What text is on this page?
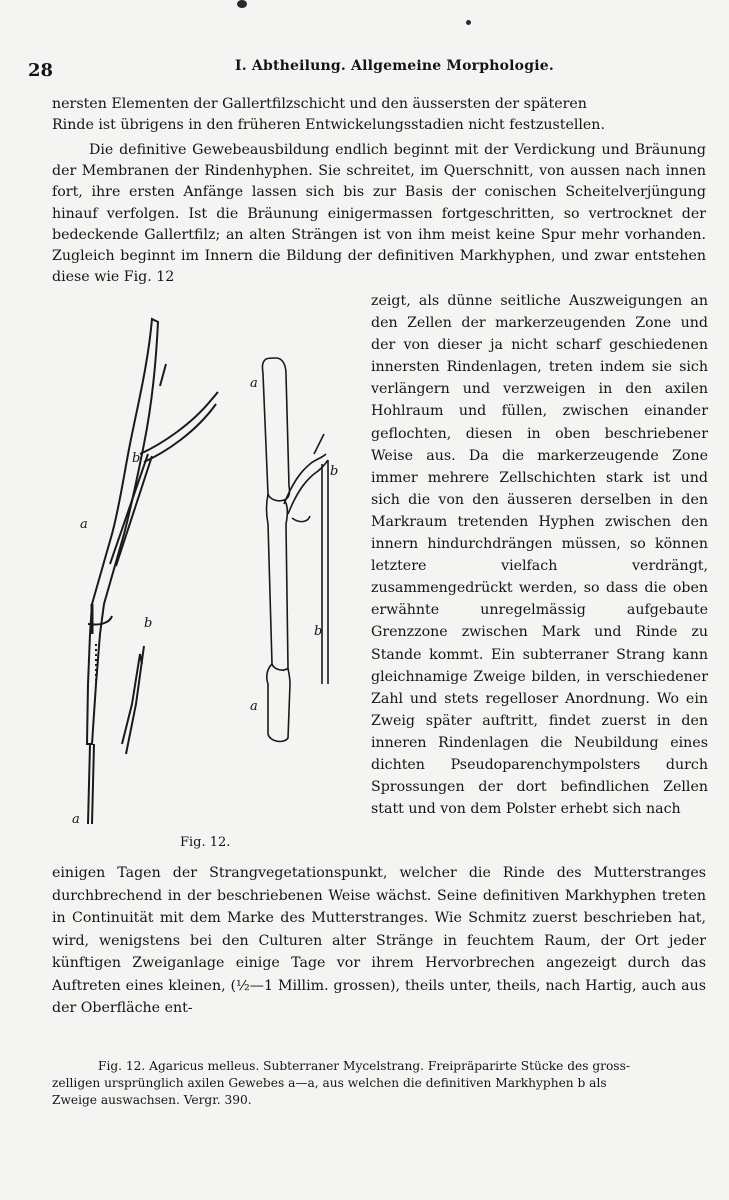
28	I. Abtheilung. Allgemeine Morphologie.

nersten Elementen der Gallertfilzschicht und den äussersten der späteren

Rinde ist übrigens in den früheren Entwickelungsstadien nicht festzustellen.

Die definitive Gewebeausbildung endlich beginnt mit der Verdickung und Bräunung der Membranen der Rindenhyphen. Sie schreitet, im Querschnitt, von aussen nach innen fort, ihre ersten Anfänge lassen sich bis zur Basis der conischen Scheitelverjüngung hinauf verfolgen. Ist die Bräunung einigermassen fortgeschritten, so vertrocknet der bedeckende Gallertfilz; an alten Strängen ist von ihm meist keine Spur mehr vorhanden. Zugleich beginnt im Innern die Bildung der definitiven Markhyphen, und zwar entstehen diese wie Fig. 12

a
b
b
a
b
a
b
a
Fig. 12.

zeigt, als dünne seitliche Auszweigungen an den Zellen der markerzeugenden Zone und der von dieser ja nicht scharf geschiedenen innersten Rindenlagen, treten indem sie sich verlängern und verzweigen in den axilen Hohlraum und füllen, zwischen einander geflochten, diesen in oben beschriebener Weise aus. Da die markerzeugende Zone immer mehrere Zellschichten stark ist und sich die von den äusseren derselben in den Markraum tretenden Hyphen zwischen den innern hindurchdrängen müssen, so können letztere vielfach verdrängt, zusammengedrückt werden, so dass die oben erwähnte unregelmässig aufgebaute Grenzzone zwischen Mark und Rinde zu Stande kommt. Ein subterraner Strang kann gleichnamige Zweige bilden, in verschiedener Zahl und stets regelloser Anordnung. Wo ein Zweig später auftritt, findet zuerst in den inneren Rindenlagen die Neubildung eines dichten Pseudoparenchympolsters durch Sprossungen der dort befindlichen Zellen statt und von dem Polster erhebt sich nach

einigen Tagen der Strangvegetationspunkt, welcher die Rinde des Mutterstranges durchbrechend in der beschriebenen Weise wächst. Seine definitiven Markhyphen treten in Continuität mit dem Marke des Mutterstranges. Wie Schmitz zuerst beschrieben hat, wird, wenigstens bei den Culturen alter Stränge in feuchtem Raum, der Ort jeder künftigen Zweiganlage einige Tage vor ihrem Hervorbrechen angezeigt durch das Auftreten eines kleinen, (½—1 Millim. grossen), theils unter, theils, nach Hartig, auch aus der Oberfläche ent-

Fig. 12. Agaricus melleus. Subterraner Mycelstrang. Freipräparirte Stücke des gross-
zelligen ursprünglich axilen Gewebes a—a, aus welchen die definitiven Markhyphen b als
Zweige auswachsen. Vergr. 390.
